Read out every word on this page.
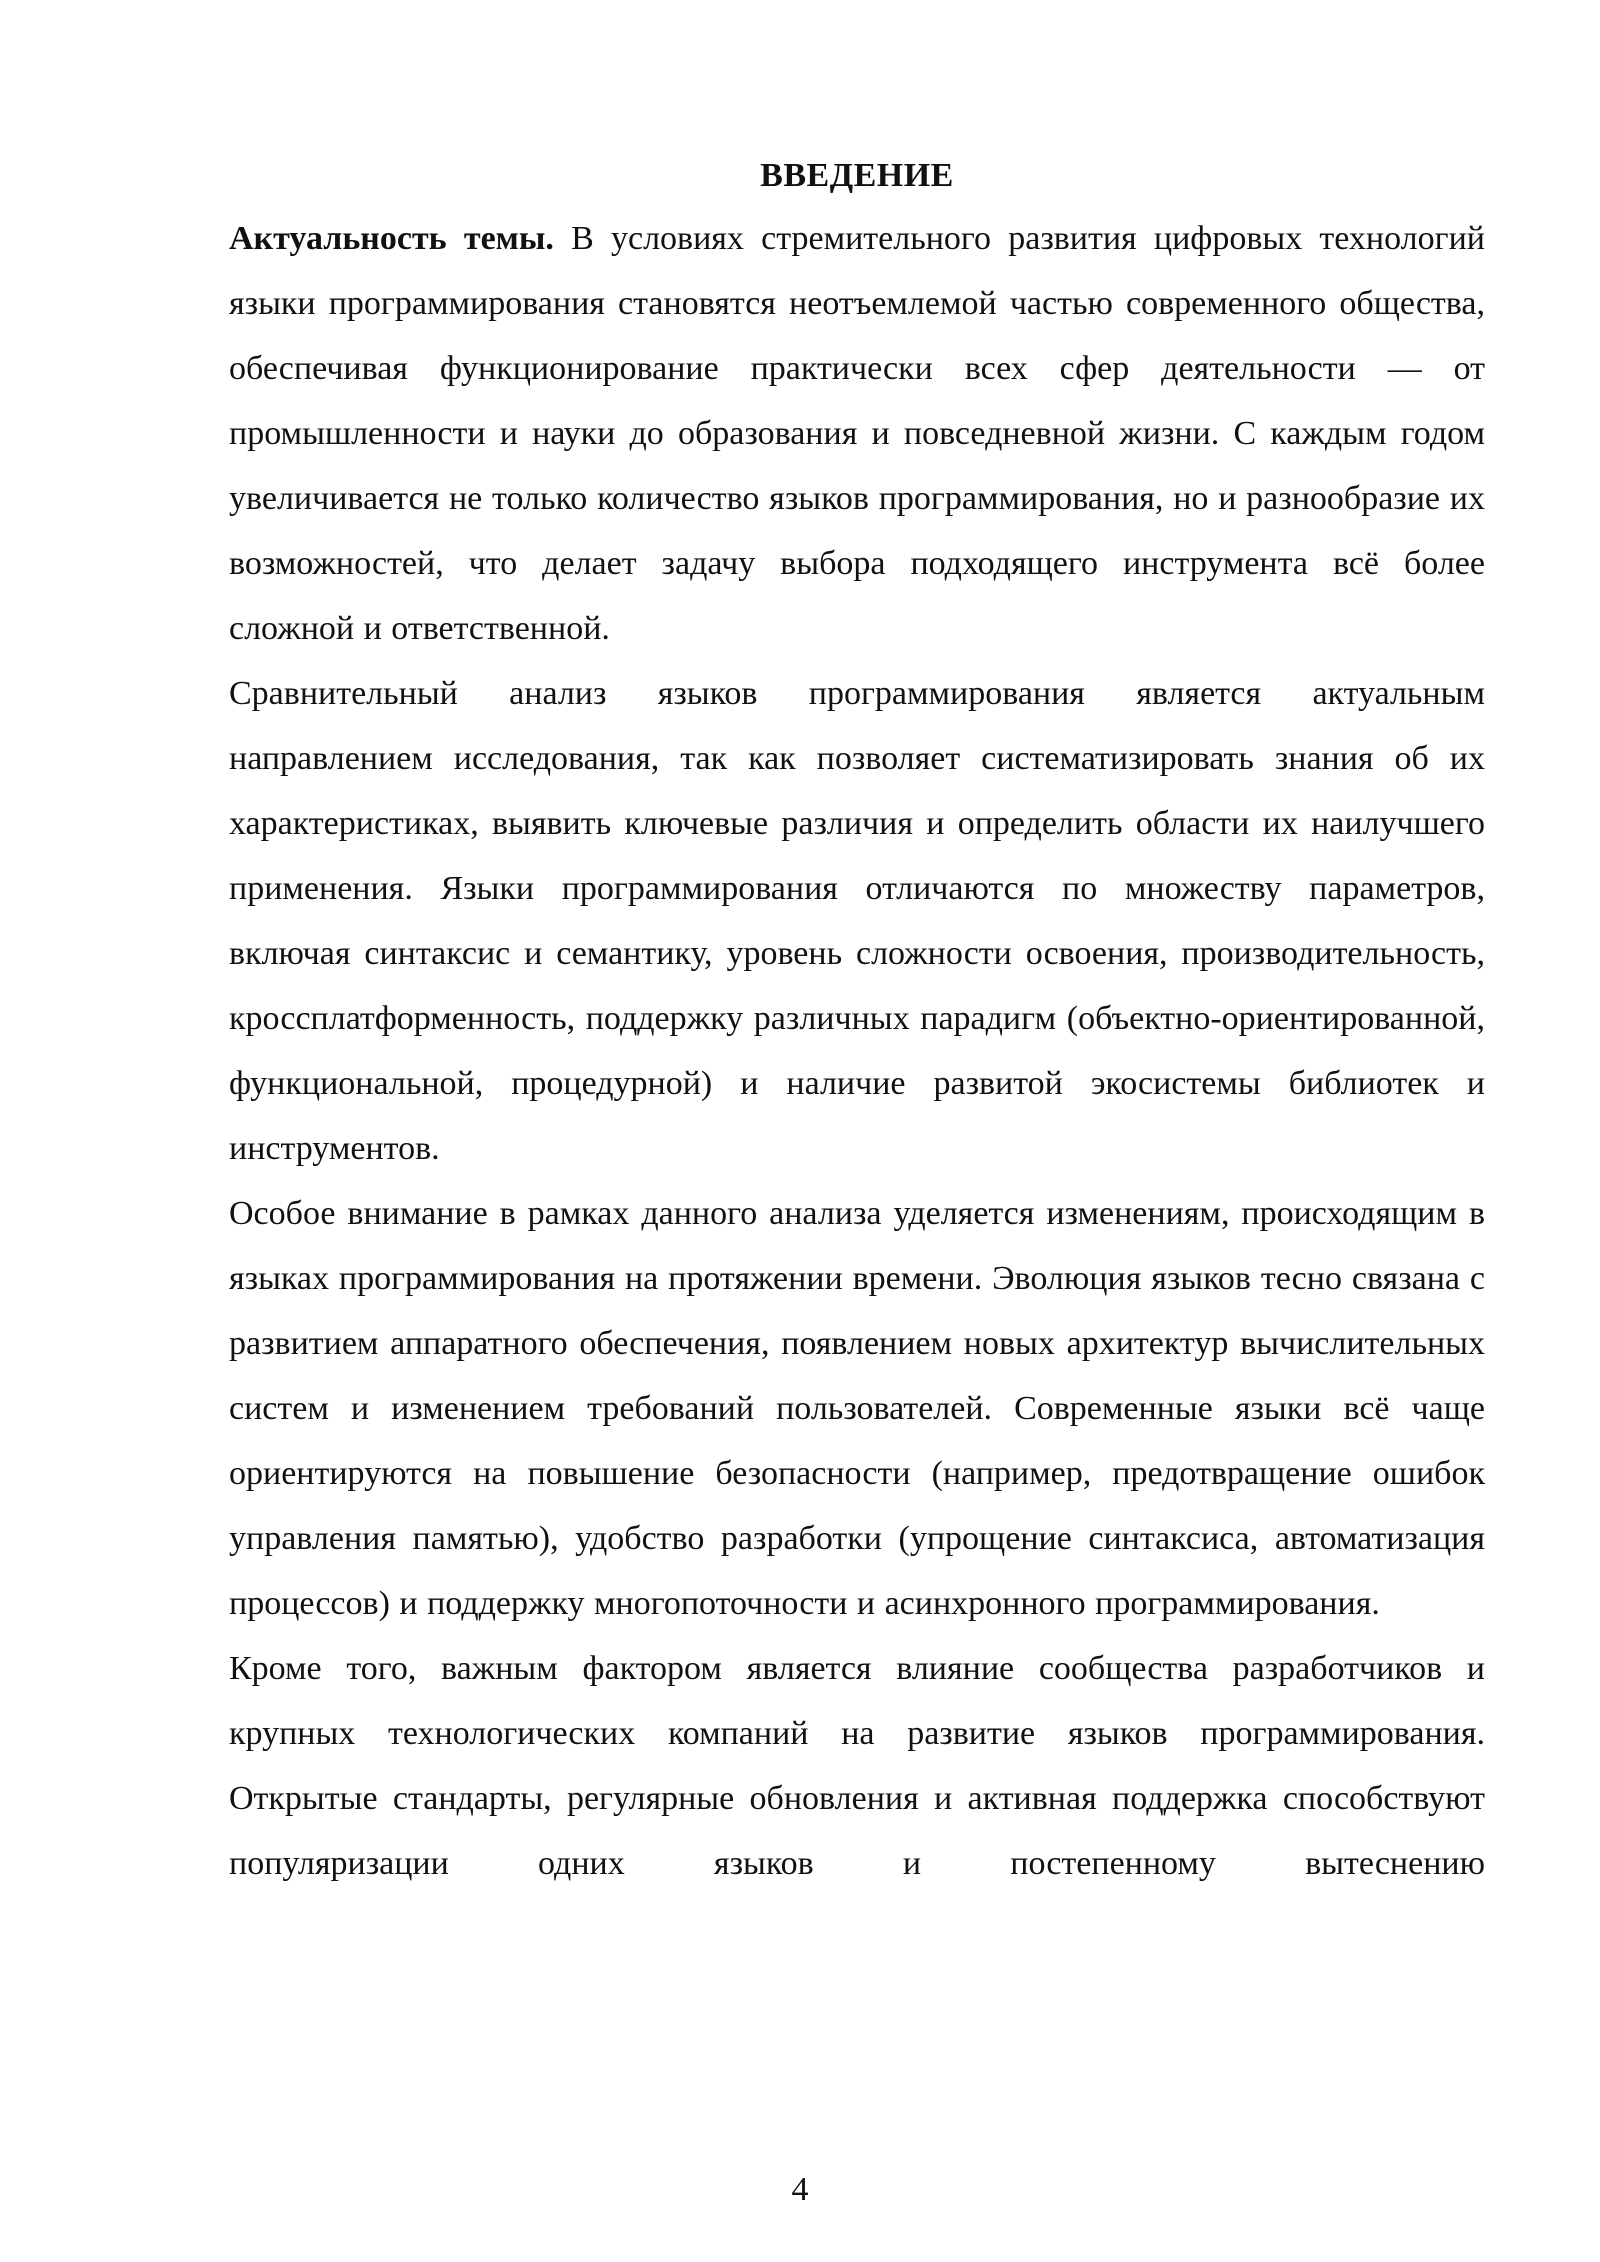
ВВЕДЕНИЕ

Актуальность темы. В условиях стремительного развития цифровых технологий языки программирования становятся неотъемлемой частью современного общества, обеспечивая функционирование практически всех сфер деятельности — от промышленности и науки до образования и повседневной жизни. С каждым годом увеличивается не только количество языков программирования, но и разнообразие их возможностей, что делает задачу выбора подходящего инструмента всё более сложной и ответственной.

Сравнительный анализ языков программирования является актуальным направлением исследования, так как позволяет систематизировать знания об их характеристиках, выявить ключевые различия и определить области их наилучшего применения. Языки программирования отличаются по множеству параметров, включая синтаксис и семантику, уровень сложности освоения, производительность, кроссплатформенность, поддержку различных парадигм (объектно-ориентированной, функциональной, процедурной) и наличие развитой экосистемы библиотек и инструментов.

Особое внимание в рамках данного анализа уделяется изменениям, происходящим в языках программирования на протяжении времени. Эволюция языков тесно связана с развитием аппаратного обеспечения, появлением новых архитектур вычислительных систем и изменением требований пользователей. Современные языки всё чаще ориентируются на повышение безопасности (например, предотвращение ошибок управления памятью), удобство разработки (упрощение синтаксиса, автоматизация процессов) и поддержку многопоточности и асинхронного программирования.

Кроме того, важным фактором является влияние сообщества разработчиков и крупных технологических компаний на развитие языков программирования. Открытые стандарты, регулярные обновления и активная поддержка способствуют популяризации одних языков и постепенному вытеснению

4
